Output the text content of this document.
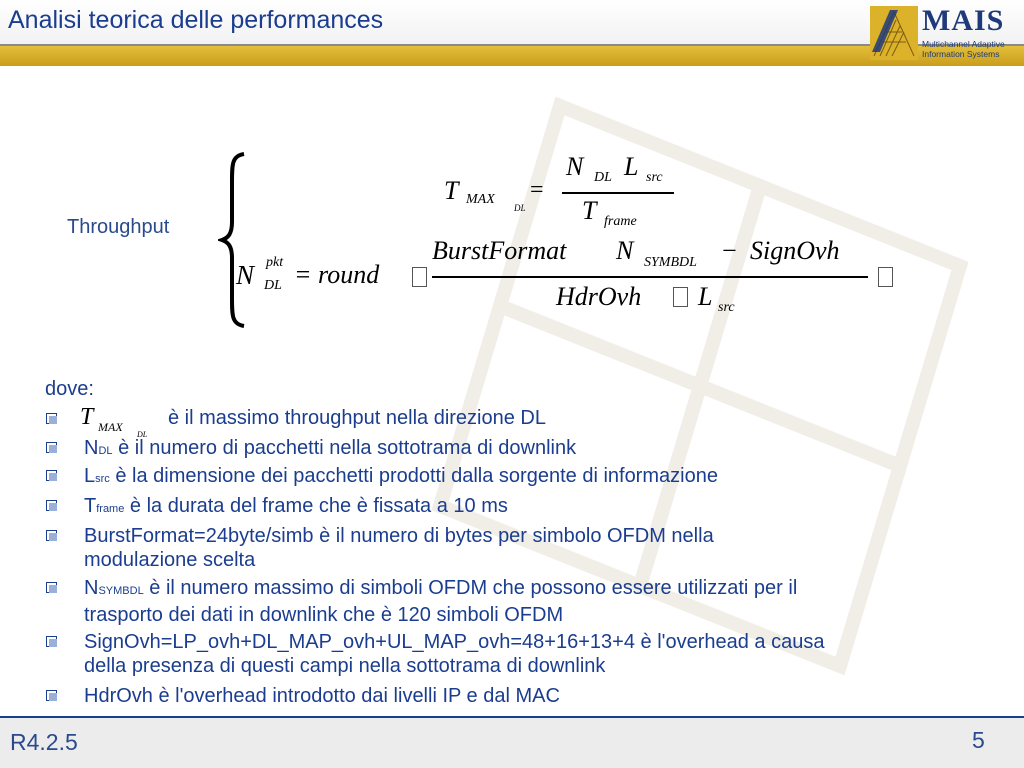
Analisi teorica delle performances	MAIS
Multichannel Adaptive
Information Systems
Throughput
T MAX
DL
=
N DL L src
T frame
N pkt
DL = round
BurstFormat N SYMBDL − SignOvh
HdrOvh L src
dove:
T MAX
DL
è il massimo throughput nella direzione DL
NDL è il numero di pacchetti nella sottotrama di downlink
Lsrc è la dimensione dei pacchetti prodotti dalla sorgente di informazione
Tframe è la durata del frame che è fissata a 10 ms
BurstFormat=24byte/simb è il numero di bytes per simbolo OFDM nella
modulazione scelta
NSYMBDL è il numero massimo di simboli OFDM che possono essere utilizzati per il
trasporto dei dati in downlink che è 120 simboli OFDM
SignOvh=LP_ovh+DL_MAP_ovh+UL_MAP_ovh=48+16+13+4 è l'overhead a causa
della presenza di questi campi nella sottotrama di downlink
HdrOvh è l'overhead introdotto dai livelli IP e dal MAC
R4.2.5	5
